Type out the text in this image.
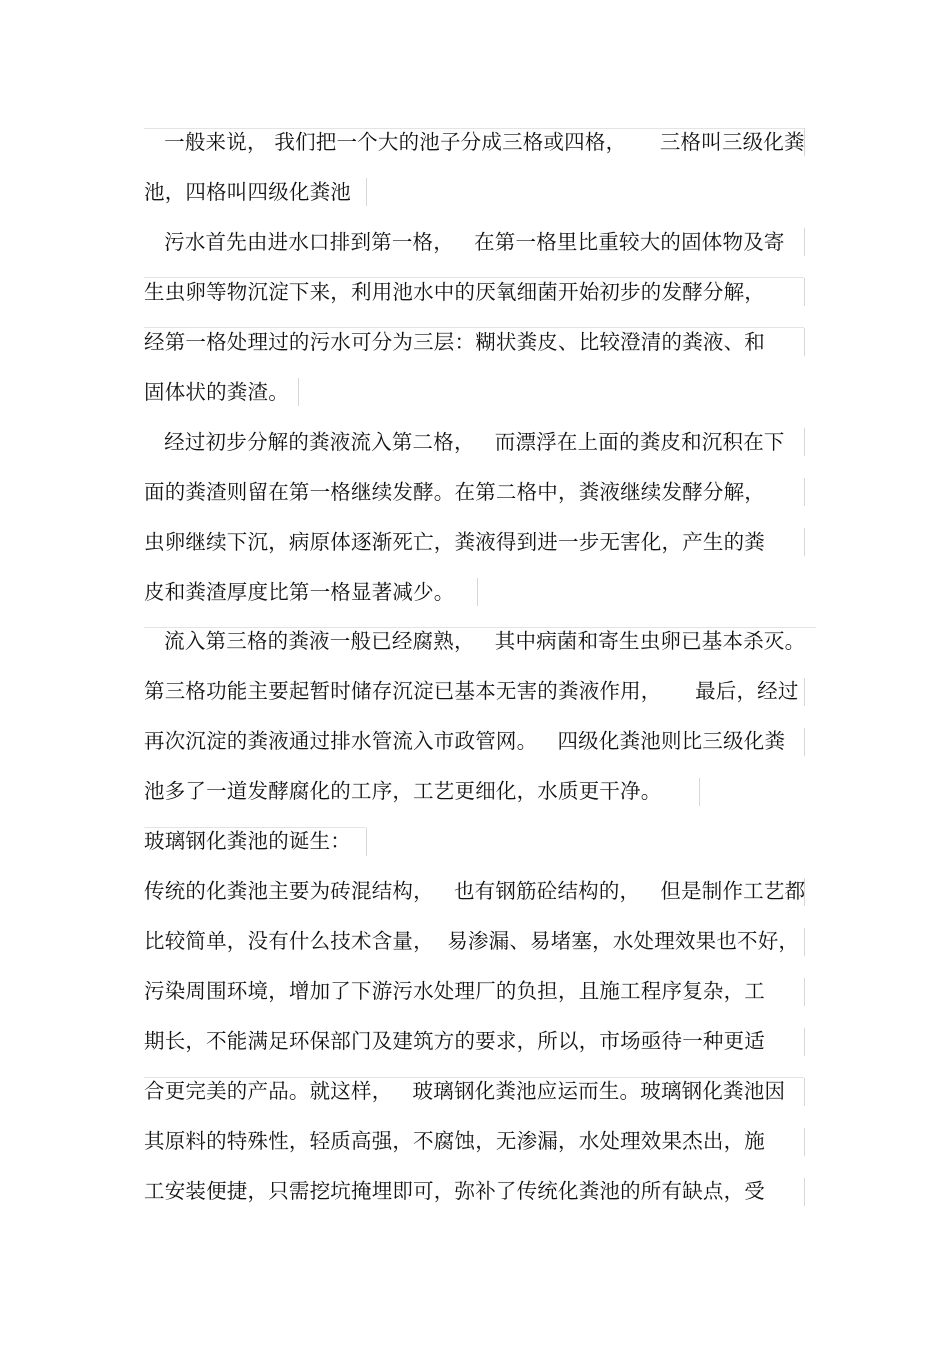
一般来说， 我们把一个大的池子分成三格或四格，     三格叫三级化粪
池，四格叫四级化粪池
污水首先由进水口排到第一格，   在第一格里比重较大的固体物及寄
生虫卵等物沉淀下来，利用池水中的厌氧细菌开始初步的发酵分解，
经第一格处理过的污水可分为三层：糊状粪皮、比较澄清的粪液、和
固体状的粪渣。
经过初步分解的粪液流入第二格，   而漂浮在上面的粪皮和沉积在下
面的粪渣则留在第一格继续发酵。在第二格中，粪液继续发酵分解，
虫卵继续下沉，病原体逐渐死亡，粪液得到进一步无害化，产生的粪
皮和粪渣厚度比第一格显著减少。
流入第三格的粪液一般已经腐熟，   其中病菌和寄生虫卵已基本杀灭。
第三格功能主要起暂时储存沉淀已基本无害的粪液作用，     最后，经过
再次沉淀的粪液通过排水管流入市政管网。   四级化粪池则比三级化粪
池多了一道发酵腐化的工序，工艺更细化，水质更干净。
玻璃钢化粪池的诞生：
传统的化粪池主要为砖混结构，   也有钢筋砼结构的，   但是制作工艺都
比较简单，没有什么技术含量，  易渗漏、易堵塞，水处理效果也不好，
污染周围环境，增加了下游污水处理厂的负担，且施工程序复杂，工
期长，不能满足环保部门及建筑方的要求，所以，市场亟待一种更适
合更完美的产品。就这样，   玻璃钢化粪池应运而生。玻璃钢化粪池因
其原料的特殊性，轻质高强，不腐蚀，无渗漏，水处理效果杰出，施
工安装便捷，只需挖坑掩埋即可，弥补了传统化粪池的所有缺点，受
